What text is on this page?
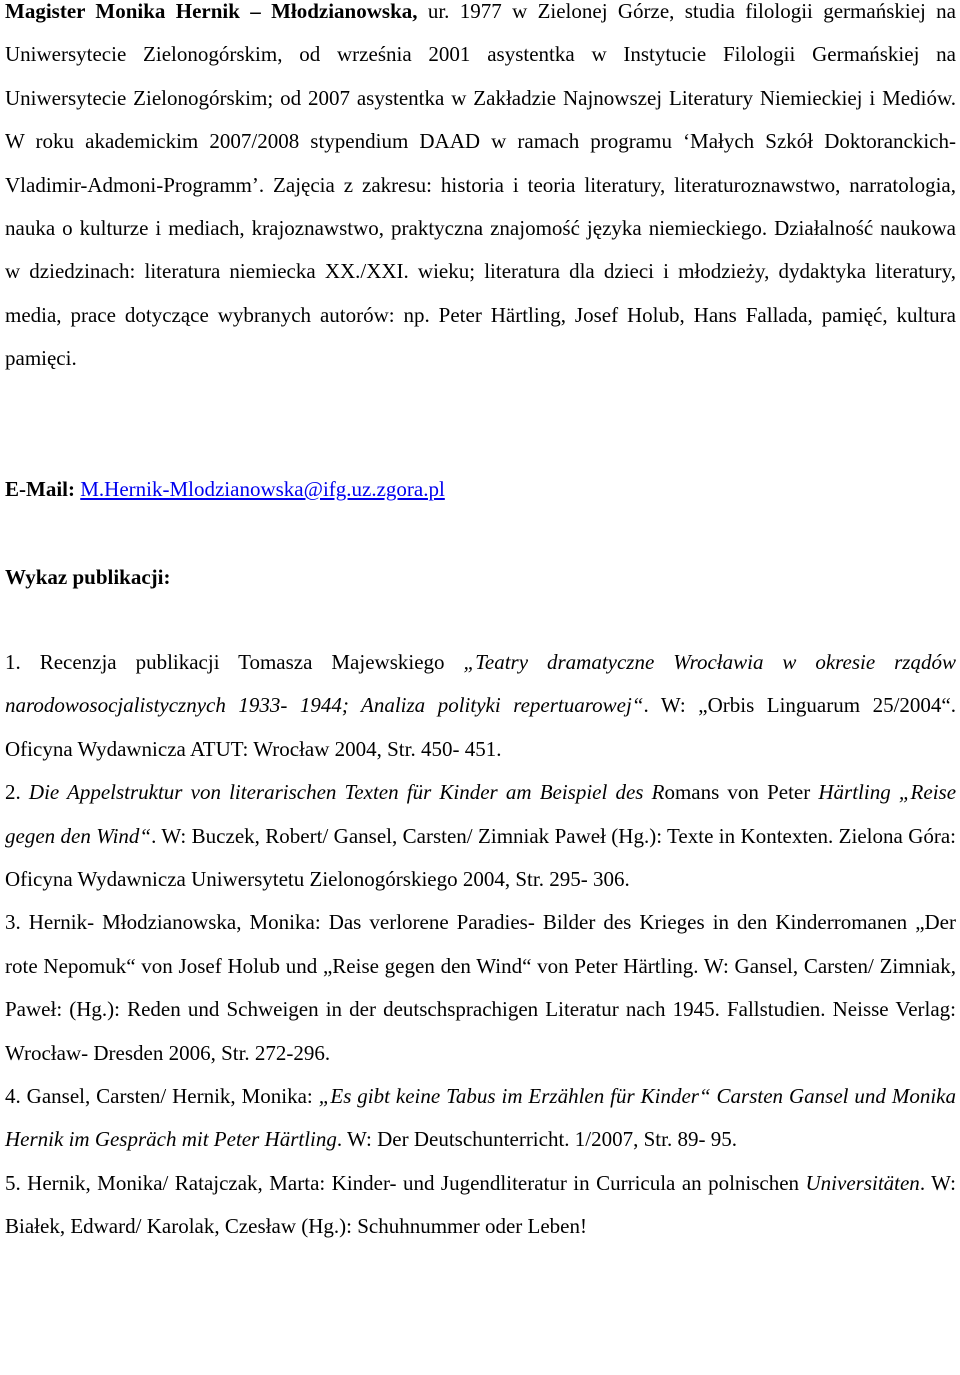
Magister Monika Hernik – Młodzianowska, ur. 1977 w Zielonej Górze, studia filologii germańskiej na Uniwersytecie Zielonogórskim, od września 2001 asystentka w Instytucie Filologii Germańskiej na Uniwersytecie Zielonogórskim; od 2007 asystentka w Zakładzie Najnowszej Literatury Niemieckiej i Mediów. W roku akademickim 2007/2008 stypendium DAAD w ramach programu ‘Małych Szkół Doktoranckich- Vladimir-Admoni-Programm’. Zajęcia z zakresu: historia i teoria literatury, literaturoznawstwo, narratologia, nauka o kulturze i mediach, krajoznawstwo, praktyczna znajomość języka niemieckiego. Działalność naukowa w dziedzinach: literatura niemiecka XX./XXI. wieku; literatura dla dzieci i młodzieży, dydaktyka literatury, media, prace dotyczące wybranych autorów: np. Peter Härtling, Josef Holub, Hans Fallada, pamięć, kultura pamięci.

E-Mail: M.Hernik-Mlodzianowska@ifg.uz.zgora.pl

Wykaz publikacji:

1. Recenzja publikacji Tomasza Majewskiego „Teatry dramatyczne Wrocławia w okresie rządów narodowosocjalistycznych 1933- 1944; Analiza polityki repertuarowej“. W: „Orbis Linguarum 25/2004“. Oficyna Wydawnicza ATUT: Wrocław 2004, Str. 450- 451.

2. Die Appelstruktur von literarischen Texten für Kinder am Beispiel des Romans von Peter Härtling „Reise gegen den Wind“. W: Buczek, Robert/ Gansel, Carsten/ Zimniak Paweł (Hg.): Texte in Kontexten. Zielona Góra: Oficyna Wydawnicza Uniwersytetu Zielonogórskiego 2004, Str. 295- 306.

3. Hernik- Młodzianowska, Monika: Das verlorene Paradies- Bilder des Krieges in den Kinderromanen „Der rote Nepomuk“ von Josef Holub und „Reise gegen den Wind“ von Peter Härtling. W: Gansel, Carsten/ Zimniak, Paweł: (Hg.): Reden und Schweigen in der deutschsprachigen Literatur nach 1945. Fallstudien. Neisse Verlag: Wrocław- Dresden 2006, Str. 272-296.

4. Gansel, Carsten/ Hernik, Monika: „Es gibt keine Tabus im Erzählen für Kinder“ Carsten Gansel und Monika Hernik im Gespräch mit Peter Härtling. W: Der Deutschunterricht. 1/2007, Str. 89- 95.

5. Hernik, Monika/ Ratajczak, Marta: Kinder- und Jugendliteratur in Curricula an polnischen Universitäten. W: Białek, Edward/ Karolak, Czesław (Hg.): Schuhnummer oder Leben!
